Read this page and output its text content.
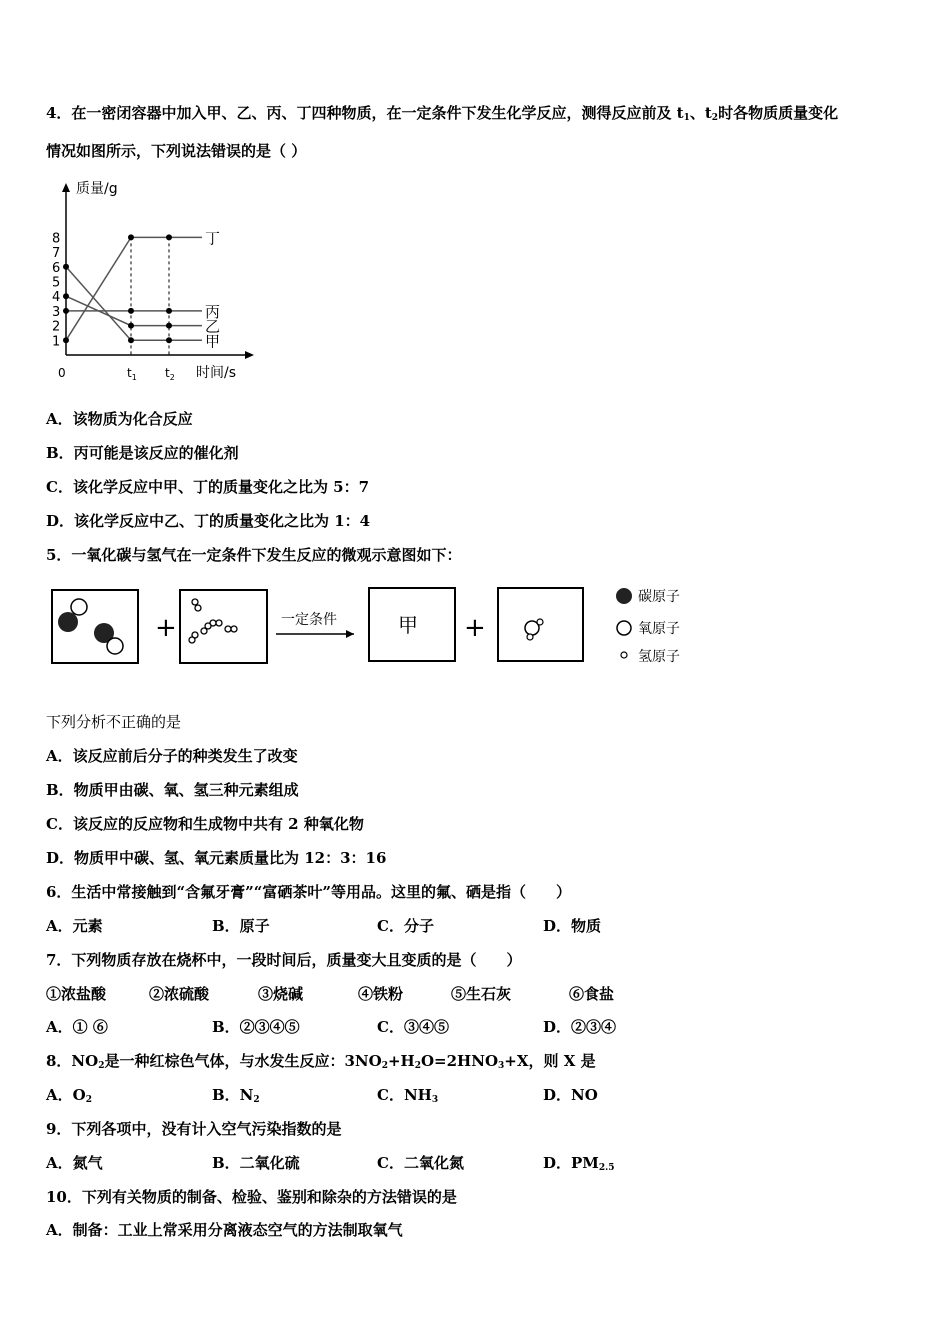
4．在一密闭容器中加入甲、乙、丙、丁四种物质，在一定条件下发生化学反应，测得反应前及 $t_1$、$t_2$时各物质质量变化
情况如图所示，下列说法错误的是（ ）
质量/g
时间/s
1
2
3
4
5
6
7
8
0	$t_1$ $t_2$
丁
丙
乙
甲
A．该物质为化合反应
B．丙可能是该反应的催化剂
C．该化学反应中甲、丁的质量变化之比为 5：7
D．该化学反应中乙、丁的质量变化之比为 1：4
5．一氧化碳与氢气在一定条件下发生反应的微观示意图如下：
+	一定条件	甲 +
碳原子
氧原子
氢原子
下列分析不正确的是
A．该反应前后分子的种类发生了改变
B．物质甲由碳、氧、氢三种元素组成
C．该反应的反应物和生成物中共有 2 种氧化物
D．物质甲中碳、氢、氧元素质量比为 12：3：16
6．生活中常接触到“含氟牙膏”“富硒茶叶”等用品。这里的氟、硒是指（　　）
A．元素	B．原子	C．分子	D．物质
7．下列物质存放在烧杯中，一段时间后，质量变大且变质的是（　　）
①浓盐酸	②浓硫酸	③烧碱	④铁粉	⑤生石灰	⑥食盐
A．① ⑥	B．②③④⑤	C．③④⑤	D．②③④
8．$NO_2$是一种红棕色气体，与水发生反应：$3NO_2+H_2O=2HNO_3+X$，则 X 是
A．$O_2$	B．$N_2$	C．$NH_3$	D．NO
9．下列各项中，没有计入空气污染指数的是
A．氮气	B．二氧化硫	C．二氧化氮	D．$PM_{2.5}$
10．下列有关物质的制备、检验、鉴别和除杂的方法错误的是
A．制备：工业上常采用分离液态空气的方法制取氧气
